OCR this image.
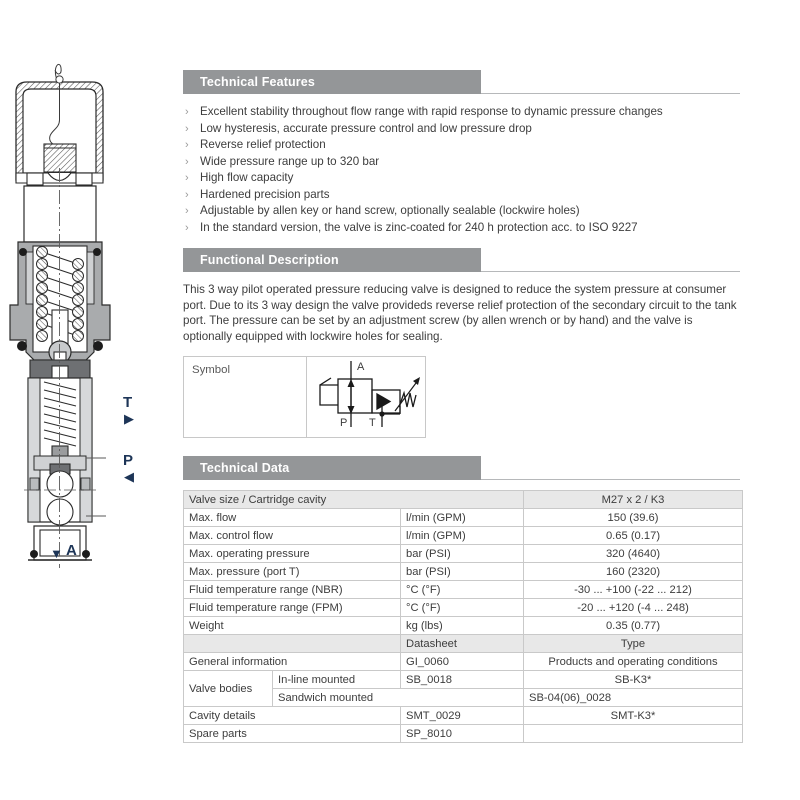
T
▶
P
◀
▼ A
Technical Features
› Excellent stability throughout flow range with rapid response to dynamic pressure changes
› Low hysteresis, accurate pressure control and low pressure drop
› Reverse relief protection
› Wide pressure range up to 320 bar
› High flow capacity
› Hardened precision parts
› Adjustable by allen key or hand screw, optionally sealable (lockwire holes)
› In the standard version, the valve is zinc-coated for 240 h protection acc. to ISO 9227
Functional Description

This 3 way pilot operated pressure reducing valve is designed to reduce the system pressure at consumer port. Due to its 3 way design the valve provideds reverse relief protection of the secondary circuit to the tank port. The pressure can be set by an adjustment screw (by allen wrench or by hand) and the valve is optionally equipped with lockwire holes for sealing.

Symbol	A
P T
Technical Data
Valve size / Cartridge cavity			M27 x 2 / K3	
Max. flow		l/min (GPM)	150 (39.6)	
Max. control flow		l/min (GPM)	0.65 (0.17)	
Max. operating pressure		bar (PSI)	320 (4640)	
Max. pressure (port T)		bar (PSI)	160 (2320)	
Fluid temperature range (NBR)		°C (°F)	-30 ... +100 (-22 ... 212)	
Fluid temperature range (FPM)		°C (°F)	-20 ... +120 (-4 ... 248)	
Weight		kg (lbs)	0.35 (0.77)	
		Datasheet	Type	
General information		GI_0060	Products and operating conditions	
Valve bodies	In-line mounted	SB_0018	SB-K3*	
	Sandwich mounted		SB-04(06)_0028	
Cavity details		SMT_0029	SMT-K3*	
Spare parts		SP_8010		
